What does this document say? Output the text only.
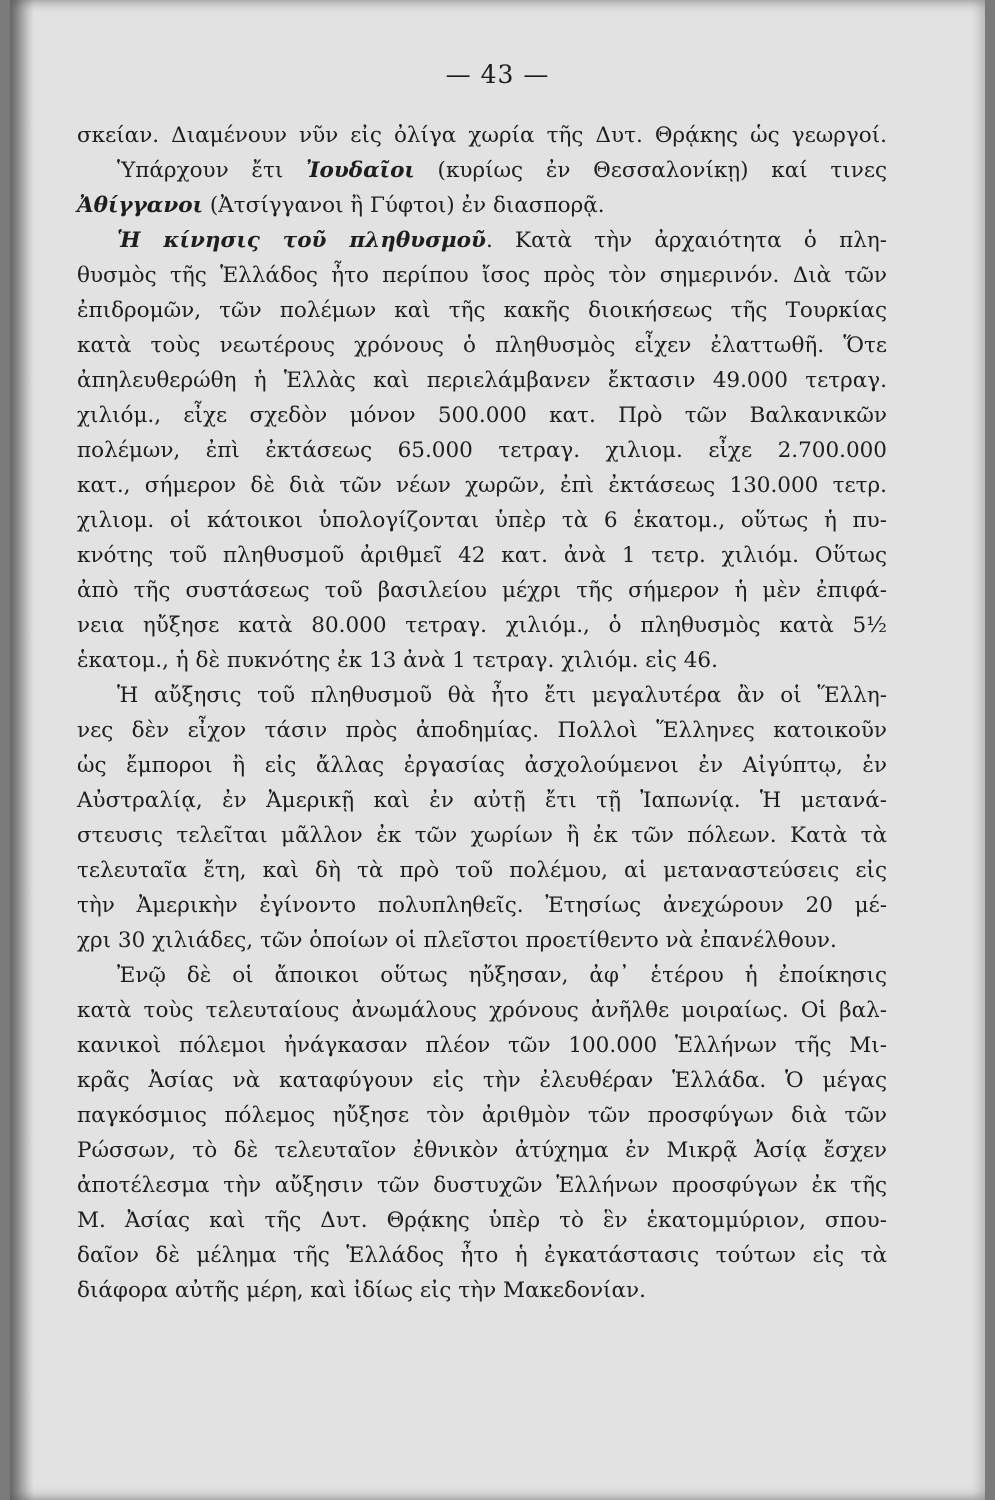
— 43 —
σκείαν. Διαμένουν νῦν εἰς ὀλίγα χωρία τῆς Δυτ. Θρᾴκης ὡς γεωργοί.
Ὑπάρχουν ἔτι Ἰουδαῖοι (κυρίως ἐν Θεσσαλονίκῃ) καί τινες
Ἀθίγγανοι (Ἀτσίγγανοι ἢ Γύφτοι) ἐν διασπορᾷ.
Ἡ κίνησις τοῦ πληθυσμοῦ. Κατὰ τὴν ἀρχαιότητα ὁ πλη-
θυσμὸς τῆς Ἑλλάδος ἦτο περίπου ἴσος πρὸς τὸν σημερινόν. Διὰ τῶν
ἐπιδρομῶν, τῶν πολέμων καὶ τῆς κακῆς διοικήσεως τῆς Τουρκίας
κατὰ τοὺς νεωτέρους χρόνους ὁ πληθυσμὸς εἶχεν ἐλαττωθῆ. Ὅτε
ἀπηλευθερώθη ἡ Ἑλλὰς καὶ περιελάμβανεν ἔκτασιν 49.000 τετραγ.
χιλιόμ., εἶχε σχεδὸν μόνον 500.000 κατ. Πρὸ τῶν Βαλκανικῶν
πολέμων, ἐπὶ ἐκτάσεως 65.000 τετραγ. χιλιομ. εἶχε 2.700.000
κατ., σήμερον δὲ διὰ τῶν νέων χωρῶν, ἐπὶ ἐκτάσεως 130.000 τετρ.
χιλιομ. οἱ κάτοικοι ὑπολογίζονται ὑπὲρ τὰ 6 ἑκατομ., οὕτως ἡ πυ-
κνότης τοῦ πληθυσμοῦ ἀριθμεῖ 42 κατ. ἀνὰ 1 τετρ. χιλιόμ. Οὕτως
ἀπὸ τῆς συστάσεως τοῦ βασιλείου μέχρι τῆς σήμερον ἡ μὲν ἐπιφά-
νεια ηὔξησε κατὰ 80.000 τετραγ. χιλιόμ., ὁ πληθυσμὸς κατὰ 5½
ἑκατομ., ἡ δὲ πυκνότης ἐκ 13 ἀνὰ 1 τετραγ. χιλιόμ. εἰς 46.
Ἡ αὔξησις τοῦ πληθυσμοῦ θὰ ἦτο ἔτι μεγαλυτέρα ἂν οἱ Ἕλλη-
νες δὲν εἶχον τάσιν πρὸς ἀποδημίας. Πολλοὶ Ἕλληνες κατοικοῦν
ὡς ἔμποροι ἢ εἰς ἄλλας ἐργασίας ἀσχολούμενοι ἐν Αἰγύπτῳ, ἐν
Αὐστραλίᾳ, ἐν Ἀμερικῇ καὶ ἐν αὐτῇ ἔτι τῇ Ἰαπωνίᾳ. Ἡ μετανά-
στευσις τελεῖται μᾶλλον ἐκ τῶν χωρίων ἢ ἐκ τῶν πόλεων. Κατὰ τὰ
τελευταῖα ἔτη, καὶ δὴ τὰ πρὸ τοῦ πολέμου, αἱ μεταναστεύσεις εἰς
τὴν Ἀμερικὴν ἐγίνοντο πολυπληθεῖς. Ἐτησίως ἀνεχώρουν 20 μέ-
χρι 30 χιλιάδες, τῶν ὁποίων οἱ πλεῖστοι προετίθεντο νὰ ἐπανέλθουν.
Ἐνῷ δὲ οἱ ἄποικοι οὕτως ηὔξησαν, ἀφ᾿ ἑτέρου ἡ ἐποίκησις
κατὰ τοὺς τελευταίους ἀνωμάλους χρόνους ἀνῆλθε μοιραίως. Οἱ βαλ-
κανικοὶ πόλεμοι ἠνάγκασαν πλέον τῶν 100.000 Ἑλλήνων τῆς Μι-
κρᾶς Ἀσίας νὰ καταφύγουν εἰς τὴν ἐλευθέραν Ἑλλάδα. Ὁ μέγας
παγκόσμιος πόλεμος ηὔξησε τὸν ἀριθμὸν τῶν προσφύγων διὰ τῶν
Ρώσσων, τὸ δὲ τελευταῖον ἐθνικὸν ἀτύχημα ἐν Μικρᾷ Ἀσίᾳ ἔσχεν
ἀποτέλεσμα τὴν αὔξησιν τῶν δυστυχῶν Ἑλλήνων προσφύγων ἐκ τῆς
Μ. Ἀσίας καὶ τῆς Δυτ. Θρᾴκης ὑπὲρ τὸ ἓν ἑκατομμύριον, σπου-
δαῖον δὲ μέλημα τῆς Ἑλλάδος ἦτο ἡ ἐγκατάστασις τούτων εἰς τὰ
διάφορα αὐτῆς μέρη, καὶ ἰδίως εἰς τὴν Μακεδονίαν.
